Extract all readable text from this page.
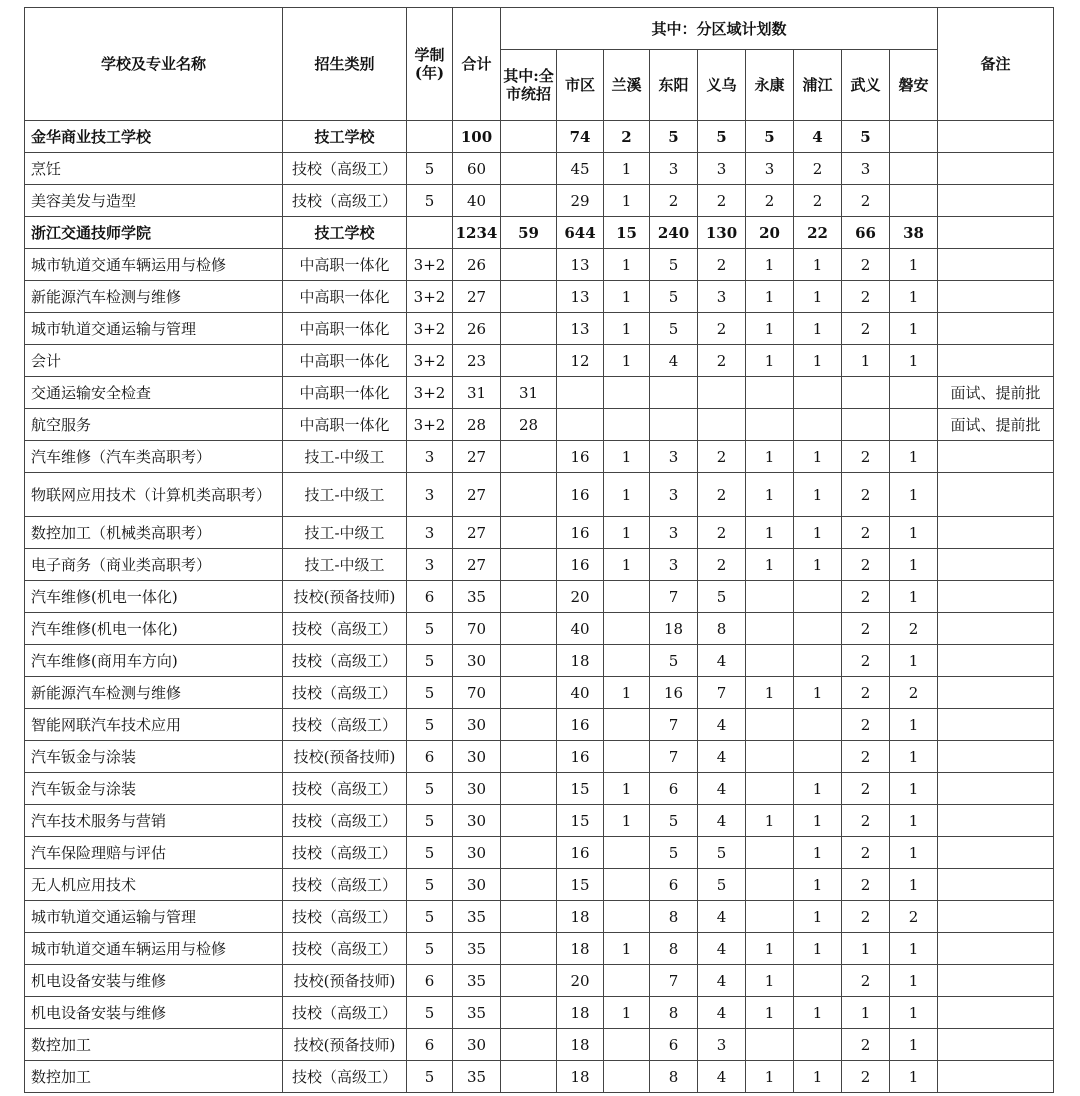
学校及专业名称	招生类别	学制(年)	合计	其中：分区域计划数									备注
				其中:全市统招	市区	兰溪	东阳	义乌	永康	浦江	武义	磐安	
金华商业技工学校	技工学校		100		74	2	5	5	5	4	5		
烹饪	技校（高级工）	5	60		45	1	3	3	3	2	3		
美容美发与造型	技校（高级工）	5	40		29	1	2	2	2	2	2		
浙江交通技师学院	技工学校		1234	59	644	15	240	130	20	22	66	38	
城市轨道交通车辆运用与检修	中高职一体化	3+2	26		13	1	5	2	1	1	2	1	
新能源汽车检测与维修	中高职一体化	3+2	27		13	1	5	3	1	1	2	1	
城市轨道交通运输与管理	中高职一体化	3+2	26		13	1	5	2	1	1	2	1	
会计	中高职一体化	3+2	23		12	1	4	2	1	1	1	1	
交通运输安全检查	中高职一体化	3+2	31	31									面试、提前批
航空服务	中高职一体化	3+2	28	28									面试、提前批
汽车维修（汽车类高职考）	技工-中级工	3	27		16	1	3	2	1	1	2	1	
物联网应用技术（计算机类高职考）	技工-中级工	3	27		16	1	3	2	1	1	2	1	
数控加工（机械类高职考）	技工-中级工	3	27		16	1	3	2	1	1	2	1	
电子商务（商业类高职考）	技工-中级工	3	27		16	1	3	2	1	1	2	1	
汽车维修(机电一体化)	技校(预备技师)	6	35		20		7	5			2	1	
汽车维修(机电一体化)	技校（高级工）	5	70		40		18	8			2	2	
汽车维修(商用车方向)	技校（高级工）	5	30		18		5	4			2	1	
新能源汽车检测与维修	技校（高级工）	5	70		40	1	16	7	1	1	2	2	
智能网联汽车技术应用	技校（高级工）	5	30		16		7	4			2	1	
汽车钣金与涂装	技校(预备技师)	6	30		16		7	4			2	1	
汽车钣金与涂装	技校（高级工）	5	30		15	1	6	4		1	2	1	
汽车技术服务与营销	技校（高级工）	5	30		15	1	5	4	1	1	2	1	
汽车保险理赔与评估	技校（高级工）	5	30		16		5	5		1	2	1	
无人机应用技术	技校（高级工）	5	30		15		6	5		1	2	1	
城市轨道交通运输与管理	技校（高级工）	5	35		18		8	4		1	2	2	
城市轨道交通车辆运用与检修	技校（高级工）	5	35		18	1	8	4	1	1	1	1	
机电设备安装与维修	技校(预备技师)	6	35		20		7	4	1		2	1	
机电设备安装与维修	技校（高级工）	5	35		18	1	8	4	1	1	1	1	
数控加工	技校(预备技师)	6	30		18		6	3			2	1	
数控加工	技校（高级工）	5	35		18		8	4	1	1	2	1	
